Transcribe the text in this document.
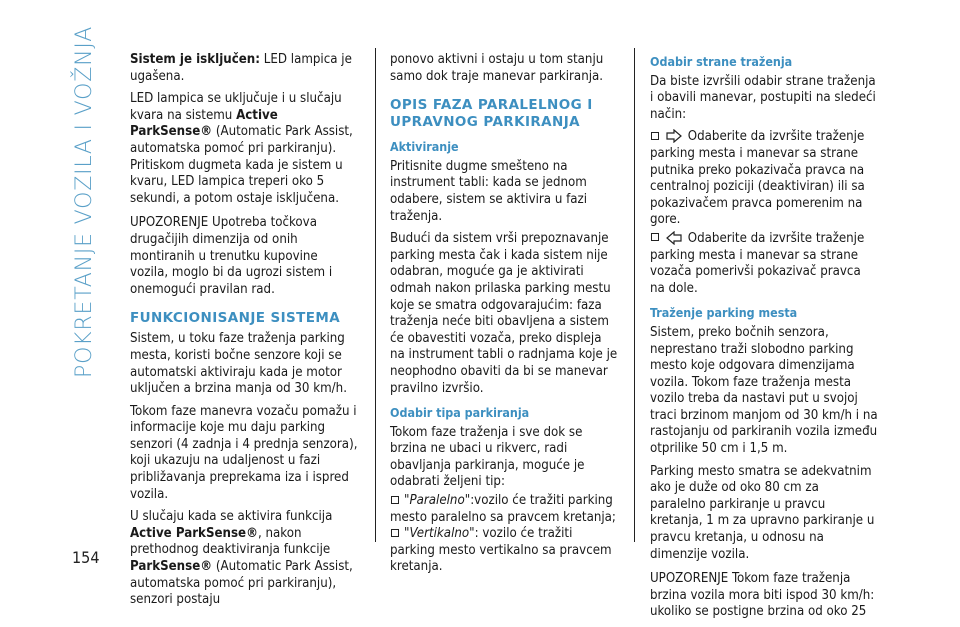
POKRETANJE VOZILA I VOŽNJA
154

Sistem je isključen: LED lampica je ugašena.

LED lampica se uključuje i u slučaju kvara na sistemu Active ParkSense® (Automatic Park Assist, automatska pomoć pri parkiranju). Pritiskom dugmeta kada je sistem u kvaru, LED lampica treperi oko 5 sekundi, a potom ostaje isključena.

UPOZORENJE Upotreba točkova drugačijih dimenzija od onih montiranih u trenutku kupovine vozila, moglo bi da ugrozi sistem i onemogući pravilan rad.

FUNKCIONISANJE SISTEMA

Sistem, u toku faze traženja parking mesta, koristi bočne senzore koji se automatski aktiviraju kada je motor uključen a brzina manja od 30 km/h.

Tokom faze manevra vozaču pomažu i informacije koje mu daju parking senzori (4 zadnja i 4 prednja senzora), koji ukazuju na udaljenost u fazi približavanja preprekama iza i ispred vozila.

U slučaju kada se aktivira funkcija Active ParkSense®, nakon prethodnog deaktiviranja funkcije ParkSense® (Automatic Park Assist, automatska pomoć pri parkiranju), senzori postaju

ponovo aktivni i ostaju u tom stanju samo dok traje manevar parkiranja.

OPIS FAZA PARALELNOG I UPRAVNOG PARKIRANJA
Aktiviranje

Pritisnite dugme smešteno na instrument tabli: kada se jednom odabere, sistem se aktivira u fazi traženja.

Budući da sistem vrši prepoznavanje parking mesta čak i kada sistem nije odabran, moguće ga je aktivirati odmah nakon prilaska parking mestu koje se smatra odgovarajućim: faza traženja neće biti obavljena a sistem će obavestiti vozača, preko displeja na instrument tabli o radnjama koje je neophodno obaviti da bi se manevar pravilno izvršio.

Odabir tipa parkiranja

Tokom faze traženja i sve dok se brzina ne ubaci u rikverc, radi obavljanja parkiranja, moguće je odabrati željeni tip:

"Paralelno":vozilo će tražiti parking mesto paralelno sa pravcem kretanja;

"Vertikalno": vozilo će tražiti parking mesto vertikalno sa pravcem kretanja.

Odabir strane traženja

Da biste izvršili odabir strane traženja i obavili manevar, postupiti na sledeći način:

Odaberite da izvršite traženje parking mesta i manevar sa strane putnika preko pokazivača pravca na centralnoj poziciji (deaktiviran) ili sa pokazivačem pravca pomerenim na gore.

Odaberite da izvršite traženje parking mesta i manevar sa strane vozača pomerivši pokazivač pravca na dole.

Traženje parking mesta

Sistem, preko bočnih senzora, neprestano traži slobodno parking mesto koje odgovara dimenzijama vozila. Tokom faze traženja mesta vozilo treba da nastavi put u svojoj traci brzinom manjom od 30 km/h i na rastojanju od parkiranih vozila između otprilike 50 cm i 1,5 m.

Parking mesto smatra se adekvatnim ako je duže od oko 80 cm za paralelno parkiranje u pravcu kretanja, 1 m za upravno parkiranje u pravcu kretanja, u odnosu na dimenzije vozila.

UPOZORENJE Tokom faze traženja brzina vozila mora biti ispod 30 km/h: ukoliko se postigne brzina od oko 25
